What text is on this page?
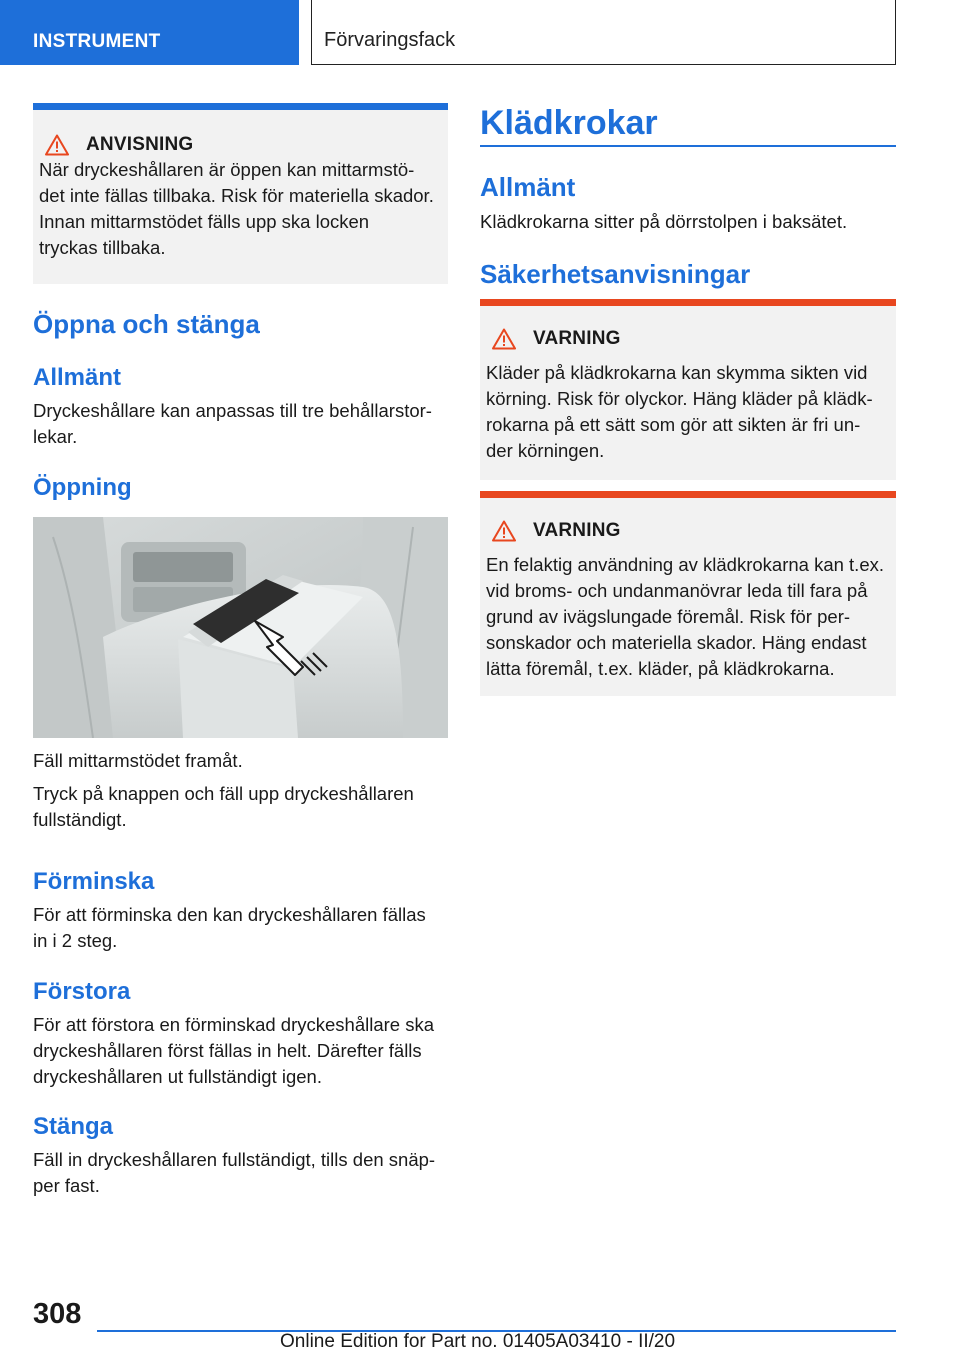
INSTRUMENT	Förvaringsfack
ANVISNING
När dryckeshållaren är öppen kan mittarmstö-
det inte fällas tillbaka. Risk för materiella skador.
Innan mittarmstödet fälls upp ska locken
tryckas tillbaka.
Öppna och stänga
Allmänt
Dryckeshållare kan anpassas till tre behållarstor-
lekar.
Öppning
Fäll mittarmstödet framåt.
Tryck på knappen och fäll upp dryckeshållaren
fullständigt.
Förminska
För att förminska den kan dryckeshållaren fällas
in i 2 steg.
Förstora
För att förstora en förminskad dryckeshållare ska
dryckeshållaren först fällas in helt. Därefter fälls
dryckeshållaren ut fullständigt igen.
Stänga
Fäll in dryckeshållaren fullständigt, tills den snäp-
per fast.
Klädkrokar
Allmänt
Klädkrokarna sitter på dörrstolpen i baksätet.
Säkerhetsanvisningar
VARNING
Kläder på klädkrokarna kan skymma sikten vid
körning. Risk för olyckor. Häng kläder på klädk-
rokarna på ett sätt som gör att sikten är fri un-
der körningen.
VARNING
En felaktig användning av klädkrokarna kan t.ex.
vid broms- och undanmanövrar leda till fara på
grund av ivägslungade föremål. Risk för per-
sonskador och materiella skador. Häng endast
lätta föremål, t.ex. kläder, på klädkrokarna.
308
Online Edition for Part no. 01405A03410 - II/20
